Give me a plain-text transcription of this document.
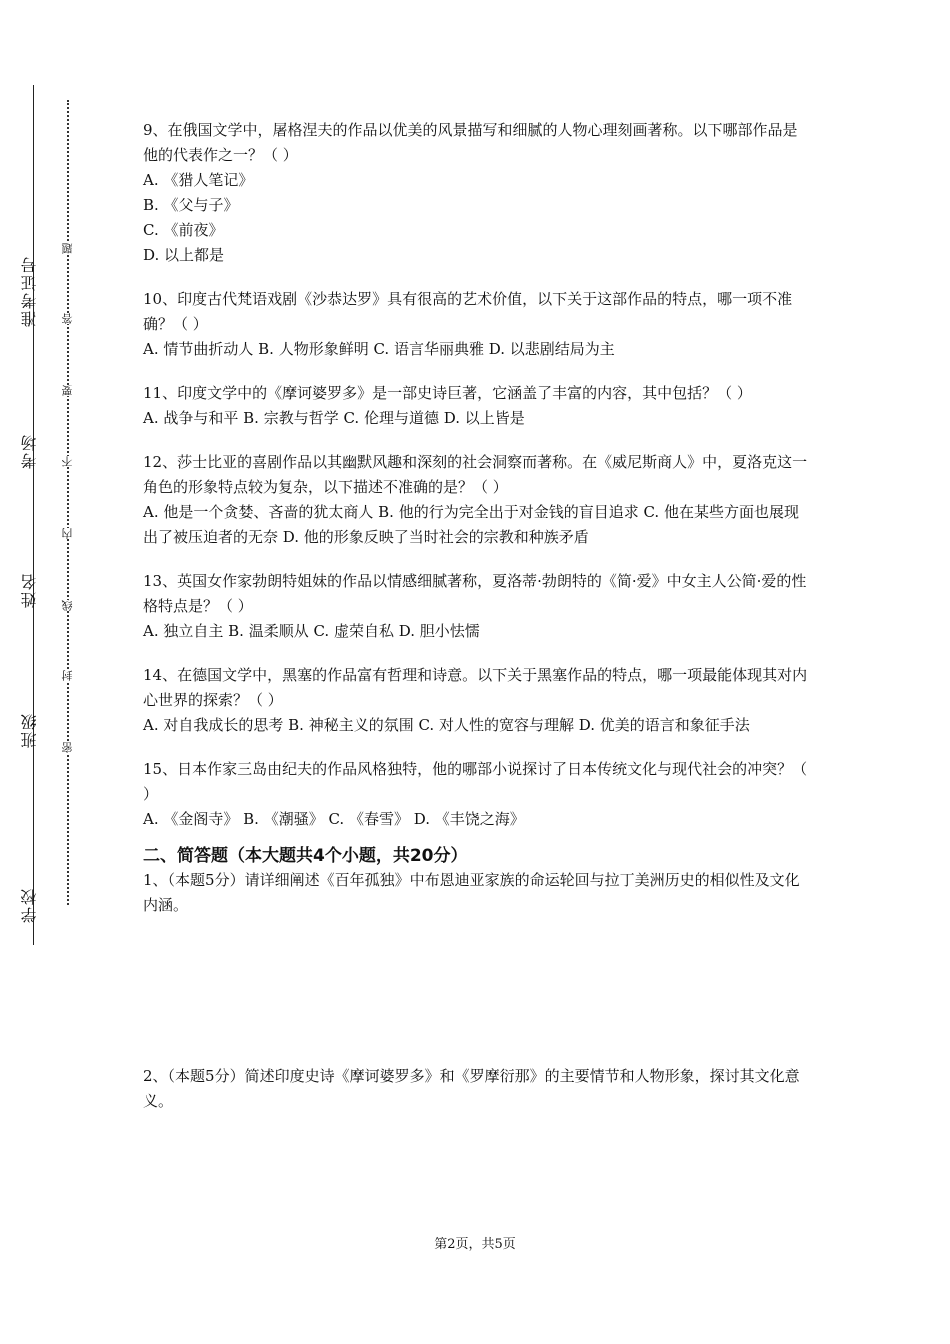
准考证号
考场
姓名
班级
学校
题
答
要
不
内
线
封
密

9、在俄国文学中，屠格涅夫的作品以优美的风景描写和细腻的人物心理刻画著称。以下哪部作品是他的代表作之一？（ ）

A. 《猎人笔记》

B. 《父与子》

C. 《前夜》

D. 以上都是

10、印度古代梵语戏剧《沙恭达罗》具有很高的艺术价值，以下关于这部作品的特点，哪一项不准确？（ ）

A. 情节曲折动人 B. 人物形象鲜明 C. 语言华丽典雅 D. 以悲剧结局为主

11、印度文学中的《摩诃婆罗多》是一部史诗巨著，它涵盖了丰富的内容，其中包括？（ ）

A. 战争与和平 B. 宗教与哲学 C. 伦理与道德 D. 以上皆是

12、莎士比亚的喜剧作品以其幽默风趣和深刻的社会洞察而著称。在《威尼斯商人》中，夏洛克这一角色的形象特点较为复杂，以下描述不准确的是？（ ）

A. 他是一个贪婪、吝啬的犹太商人 B. 他的行为完全出于对金钱的盲目追求 C. 他在某些方面也展现出了被压迫者的无奈 D. 他的形象反映了当时社会的宗教和种族矛盾

13、英国女作家勃朗特姐妹的作品以情感细腻著称，夏洛蒂·勃朗特的《简·爱》中女主人公简·爱的性格特点是？（ ）

A. 独立自主 B. 温柔顺从 C. 虚荣自私 D. 胆小怯懦

14、在德国文学中，黑塞的作品富有哲理和诗意。以下关于黑塞作品的特点，哪一项最能体现其对内心世界的探索？（ ）

A. 对自我成长的思考 B. 神秘主义的氛围 C. 对人性的宽容与理解 D. 优美的语言和象征手法

15、日本作家三岛由纪夫的作品风格独特，他的哪部小说探讨了日本传统文化与现代社会的冲突？（ ）

A. 《金阁寺》 B. 《潮骚》 C. 《春雪》 D. 《丰饶之海》

二、简答题（本大题共4个小题，共20分）

1、（本题5分）请详细阐述《百年孤独》中布恩迪亚家族的命运轮回与拉丁美洲历史的相似性及文化内涵。

2、（本题5分）简述印度史诗《摩诃婆罗多》和《罗摩衍那》的主要情节和人物形象，探讨其文化意义。

第2页，共5页
